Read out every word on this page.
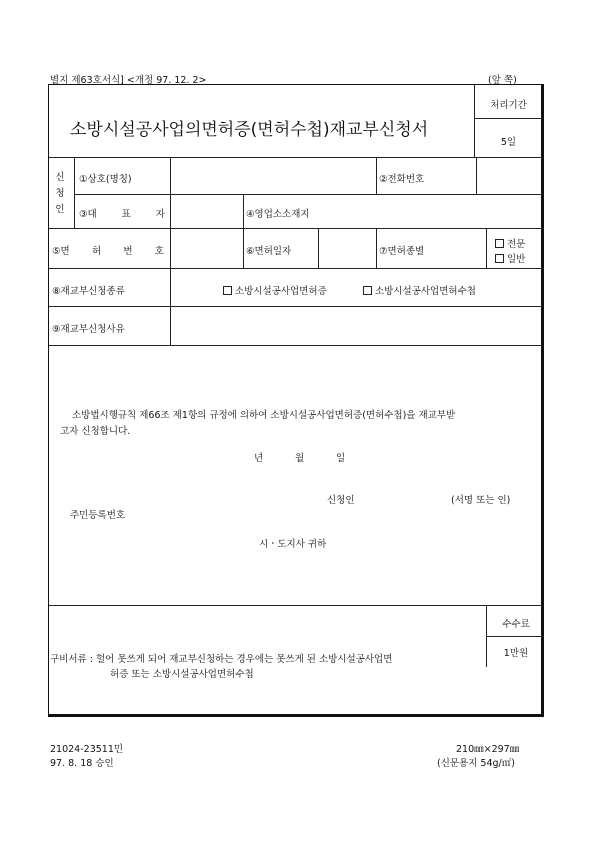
별지 제63호서식] <개정 97. 12. 2>	(앞 쪽)
소방시설공사업의면허증(면허수첩)재교부신청서
처리기간
5일
신
청
인
①상호(명칭)	②전화번호
③대	표	자	④영업소소재지
⑤면 허 번 호	⑥면허일자	⑦면허종별
전문
일반
⑧재교부신청종류	소방시설공사업면허증	소방시설공사업면허수첩
⑨재교부신청사유
소방법시행규칙 제66조 제1항의 규정에 의하여 소방시설공사업면허증(면허수첩)을 재교부받
고자 신청합니다.
년	월	일
신청인	(서명 또는 인)
주민등록번호
시ㆍ도지사 귀하
수수료
1만원
구비서류 : 헐어 못쓰게 되어 재교부신청하는 경우에는 못쓰게 된 소방시설공사업면
허증 또는 소방시설공사업면허수첩
21024-23511민
97. 8. 18 승인
210㎜×297㎜
(신문용지 54g/㎡)
